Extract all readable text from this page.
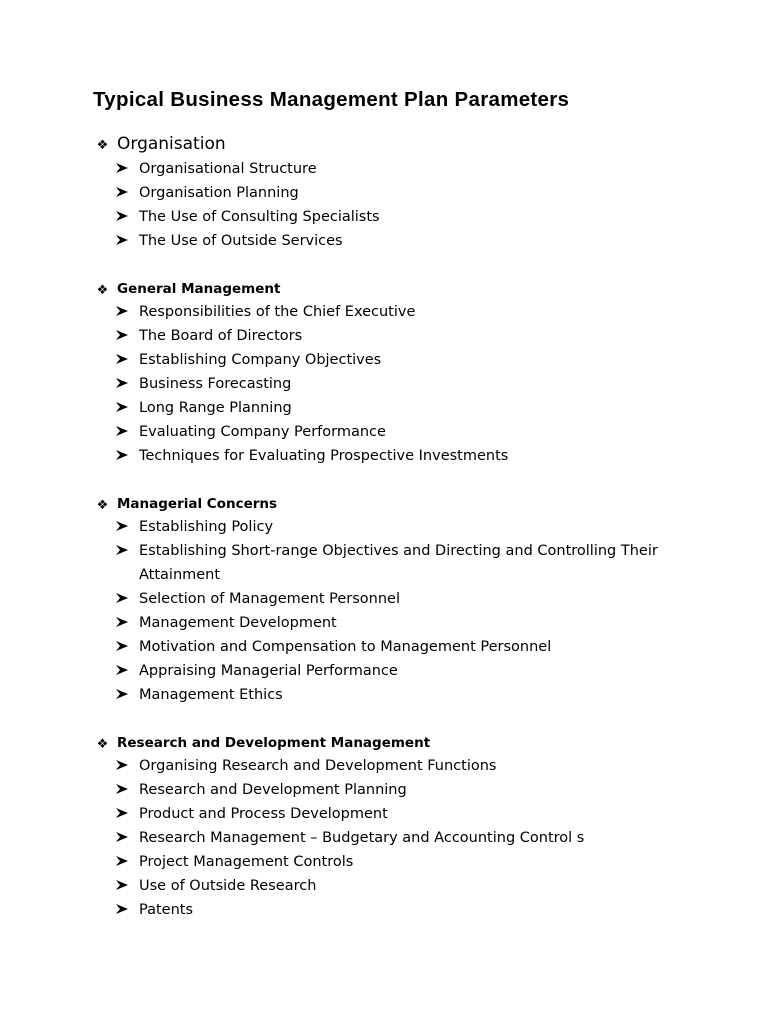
Typical Business Management Plan Parameters
❖ Organisation
Organisational Structure
Organisation Planning
The Use of Consulting Specialists
The Use of Outside Services
❖ General Management
Responsibilities of the Chief Executive
The Board of Directors
Establishing Company Objectives
Business Forecasting
Long Range Planning
Evaluating Company Performance
Techniques for Evaluating Prospective Investments
❖ Managerial Concerns
Establishing Policy
Establishing Short-range Objectives and Directing and Controlling Their
Attainment
Selection of Management Personnel
Management Development
Motivation and Compensation to Management Personnel
Appraising Managerial Performance
Management Ethics
❖ Research and Development Management
Organising Research and Development Functions
Research and Development Planning
Product and Process Development
Research Management – Budgetary and Accounting Control s
Project Management Controls
Use of Outside Research
Patents
